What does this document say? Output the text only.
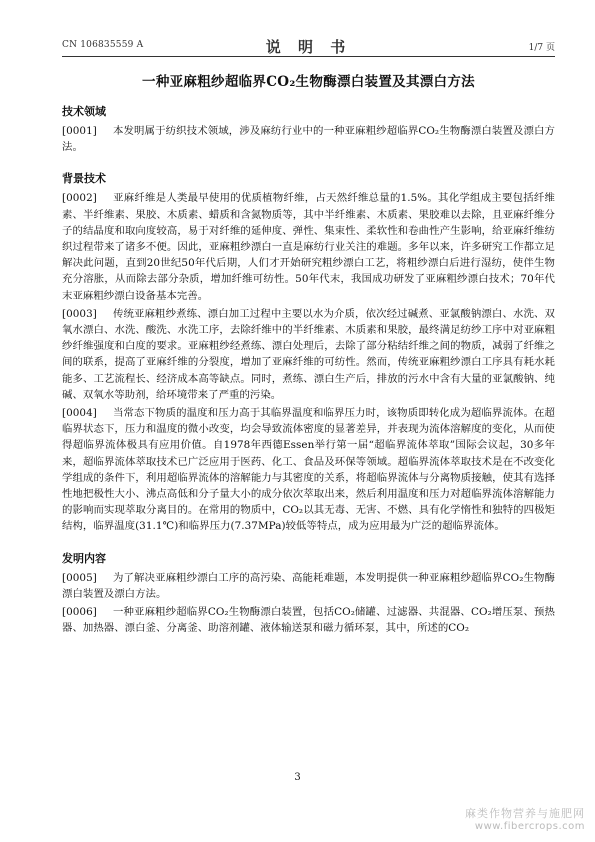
CN 106835559 A	说 明 书	1/7 页
一种亚麻粗纱超临界CO₂生物酶漂白装置及其漂白方法
技术领域

[0001] 本发明属于纺织技术领域，涉及麻纺行业中的一种亚麻粗纱超临界CO₂生物酶漂白装置及漂白方法。

背景技术

[0002] 亚麻纤维是人类最早使用的优质植物纤维，占天然纤维总量的1.5%。其化学组成主要包括纤维素、半纤维素、果胶、木质素、蜡质和含氮物质等，其中半纤维素、木质素、果胶难以去除，且亚麻纤维分子的结晶度和取向度较高，易于对纤维的延伸度、弹性、集束性、柔软性和卷曲性产生影响，给亚麻纤维纺织过程带来了诸多不便。因此，亚麻粗纱漂白一直是麻纺行业关注的难题。多年以来，许多研究工作都立足解决此问题，直到20世纪50年代后期，人们才开始研究粗纱漂白工艺，将粗纱漂白后进行湿纺，使伴生物充分溶胀，从而除去部分杂质，增加纤维可纺性。50年代末，我国成功研发了亚麻粗纱漂白技术；70年代末亚麻粗纱漂白设备基本完善。

[0003] 传统亚麻粗纱煮练、漂白加工过程中主要以水为介质，依次经过碱煮、亚氯酸钠漂白、水洗、双氧水漂白、水洗、酸洗、水洗工序，去除纤维中的半纤维素、木质素和果胶，最终满足纺纱工序中对亚麻粗纱纤维强度和白度的要求。亚麻粗纱经煮练、漂白处理后，去除了部分粘结纤维之间的物质，减弱了纤维之间的联系，提高了亚麻纤维的分裂度，增加了亚麻纤维的可纺性。然而，传统亚麻粗纱漂白工序具有耗水耗能多、工艺流程长、经济成本高等缺点。同时，煮练、漂白生产后，排放的污水中含有大量的亚氯酸钠、纯碱、双氧水等助剂，给环境带来了严重的污染。

[0004] 当常态下物质的温度和压力高于其临界温度和临界压力时，该物质即转化成为超临界流体。在超临界状态下，压力和温度的微小改变，均会导致流体密度的显著差异，并表现为流体溶解度的变化，从而使得超临界流体极具有应用价值。自1978年西德Essen举行第一届“超临界流体萃取”国际会议起，30多年来，超临界流体萃取技术已广泛应用于医药、化工、食品及环保等领域。超临界流体萃取技术是在不改变化学组成的条件下，利用超临界流体的溶解能力与其密度的关系，将超临界流体与分离物质接触，使其有选择性地把极性大小、沸点高低和分子量大小的成分依次萃取出来，然后利用温度和压力对超临界流体溶解能力的影响而实现萃取分离目的。在常用的物质中，CO₂以其无毒、无害、不燃、具有化学惰性和独特的四极矩结构，临界温度(31.1℃)和临界压力(7.37MPa)较低等特点，成为应用最为广泛的超临界流体。

发明内容

[0005] 为了解决亚麻粗纱漂白工序的高污染、高能耗难题，本发明提供一种亚麻粗纱超临界CO₂生物酶漂白装置及漂白方法。

[0006] 一种亚麻粗纱超临界CO₂生物酶漂白装置，包括CO₂储罐、过滤器、共混器、CO₂增压泵、预热器、加热器、漂白釜、分离釜、助溶剂罐、液体输送泵和磁力循环泵，其中，所述的CO₂

3
麻类作物营养与施肥网
www.fibercrops.com
